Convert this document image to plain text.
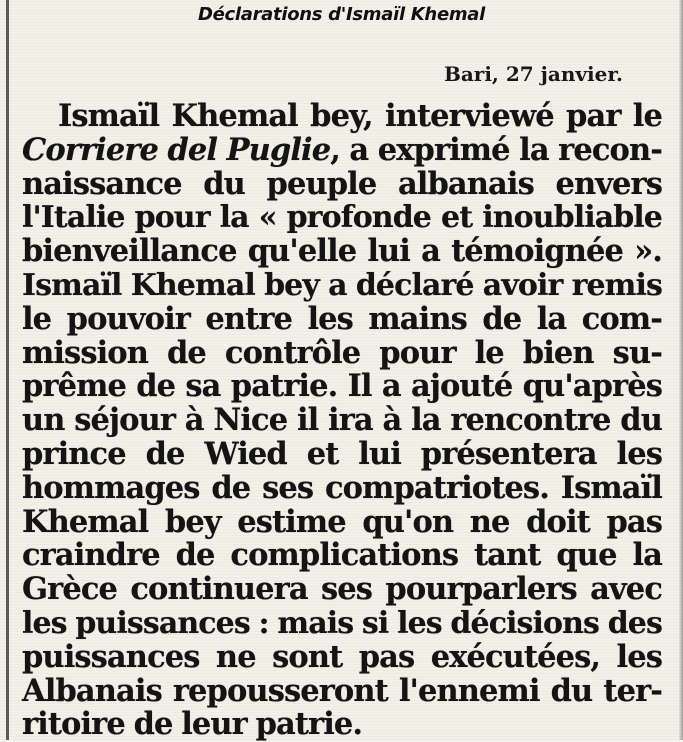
Déclarations d'Ismaïl Khemal
Bari, 27 janvier.
Ismaïl Khemal bey, interviewé par le
Corriere del Puglie, a exprimé la recon-
naissance du peuple albanais envers
l'Italie pour la « profonde et inoubliable
bienveillance qu'elle lui a témoignée ».
Ismaïl Khemal bey a déclaré avoir remis
le pouvoir entre les mains de la com-
mission de contrôle pour le bien su-
prême de sa patrie. Il a ajouté qu'après
un séjour à Nice il ira à la rencontre du
prince de Wied et lui présentera les
hommages de ses compatriotes. Ismaïl
Khemal bey estime qu'on ne doit pas
craindre de complications tant que la
Grèce continuera ses pourparlers avec
les puissances : mais si les décisions des
puissances ne sont pas exécutées, les
Albanais repousseront l'ennemi du ter-
ritoire de leur patrie.
